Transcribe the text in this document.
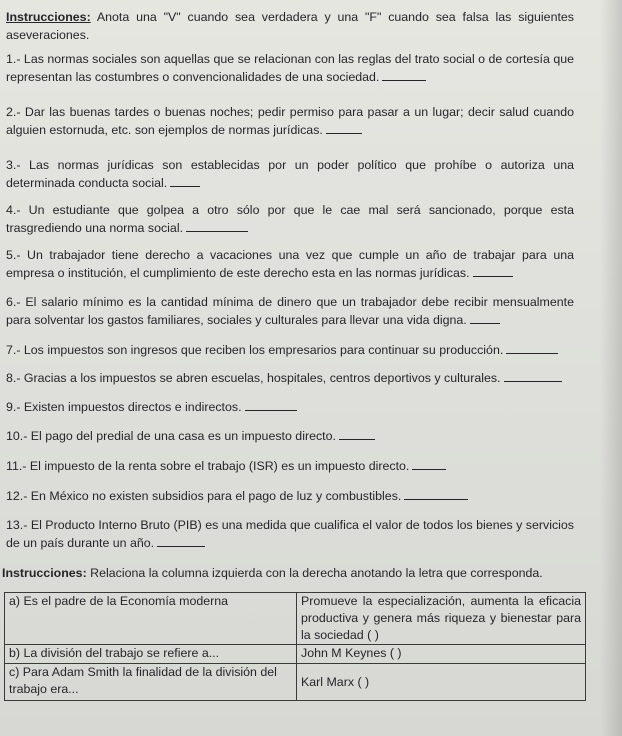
Instrucciones: Anota una "V" cuando sea verdadera y una "F" cuando sea falsa las siguientes aseveraciones.
1.- Las normas sociales son aquellas que se relacionan con las reglas del trato social o de cortesía que representan las costumbres o convencionalidades de una sociedad.
2.- Dar las buenas tardes o buenas noches; pedir permiso para pasar a un lugar; decir salud cuando alguien estornuda, etc. son ejemplos de normas jurídicas.
3.- Las normas jurídicas son establecidas por un poder político que prohíbe o autoriza una determinada conducta social.
4.- Un estudiante que golpea a otro sólo por que le cae mal será sancionado, porque esta trasgrediendo una norma social.
5.- Un trabajador tiene derecho a vacaciones una vez que cumple un año de trabajar para una empresa o institución, el cumplimiento de este derecho esta en las normas jurídicas.
6.- El salario mínimo es la cantidad mínima de dinero que un trabajador debe recibir mensualmente para solventar los gastos familiares, sociales y culturales para llevar una vida digna.
7.- Los impuestos son ingresos que reciben los empresarios para continuar su producción.
8.- Gracias a los impuestos se abren escuelas, hospitales, centros deportivos y culturales.
9.- Existen impuestos directos e indirectos.
10.- El pago del predial de una casa es un impuesto directo.
11.- El impuesto de la renta sobre el trabajo (ISR) es un impuesto directo.
12.- En México no existen subsidios para el pago de luz y combustibles.
13.- El Producto Interno Bruto (PIB) es una medida que cualifica el valor de todos los bienes y servicios de un país durante un año.
Instrucciones: Relaciona la columna izquierda con la derecha anotando la letra que corresponda.
a) Es el padre de la Economía moderna	Promueve la especialización, aumenta la eficacia productiva y genera más riqueza y bienestar para la sociedad ( )
b) La división del trabajo se refiere a...	John M Keynes ( )
c) Para Adam Smith la finalidad de la división del trabajo era...	Karl Marx ( )
